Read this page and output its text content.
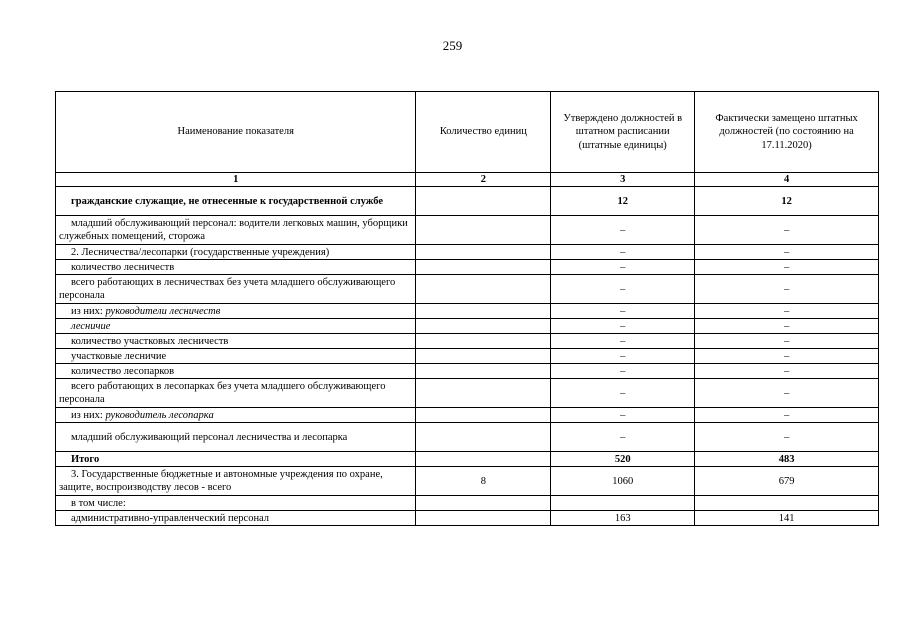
259
Наименование показателя	Количество единиц	Утверждено должностей в штатном расписании (штатные единицы)	Фактически замещено штатных должностей (по состоянию на 17.11.2020)
1	2	3	4
гражданские служащие, не отнесенные к государственной службе		12	12
младший обслуживающий персонал: водители легковых машин, уборщики служебных помещений, сторожа		–	–
2. Лесничества/лесопарки (государственные учреждения)		–	–
количество лесничеств		–	–
всего работающих в лесничествах без учета младшего обслуживающего персонала		–	–
из них: руководители лесничеств		–	–
лесничие		–	–
количество участковых лесничеств		–	–
участковые лесничие		–	–
количество лесопарков		–	–
всего работающих в лесопарках без учета младшего обслуживающего персонала		–	–
из них: руководитель лесопарка		–	–
младший обслуживающий персонал лесничества и лесопарка		–	–
Итого		520	483
3. Государственные бюджетные и автономные учреждения по охране, защите, воспроизводству лесов - всего	8	1060	679
в том числе:			
административно-управленческий персонал		163	141
